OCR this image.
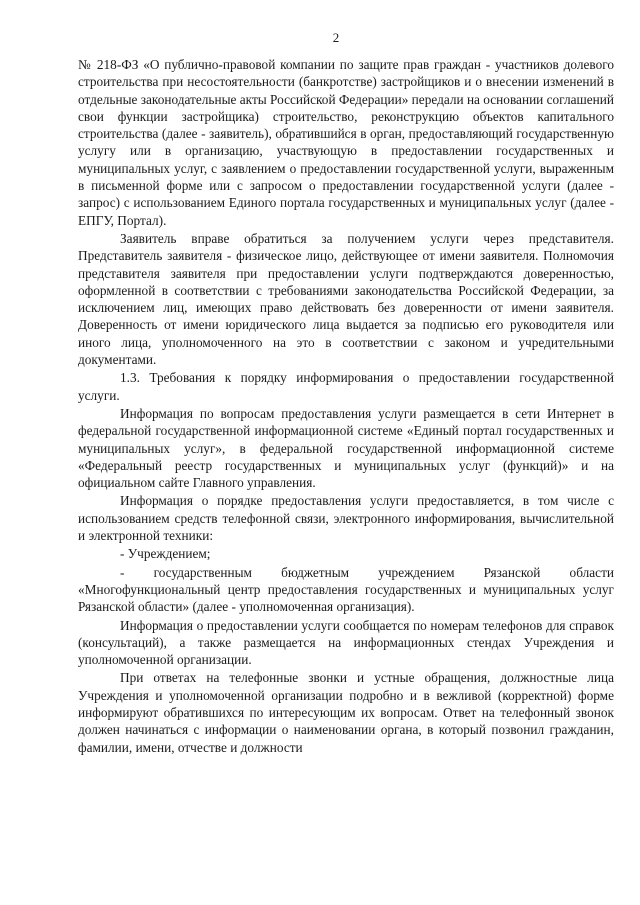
2

№ 218-ФЗ «О публично-правовой компании по защите прав граждан - участников долевого строительства при несостоятельности (банкротстве) застройщиков и о внесении изменений в отдельные законодательные акты Российской Федерации» передали на основании соглашений свои функции застройщика) строительство, реконструкцию объектов капитального строительства (далее - заявитель), обратившийся в орган, предоставляющий государственную услугу или в организацию, участвующую в предоставлении государственных и муниципальных услуг, с заявлением о предоставлении государственной услуги, выраженным в письменной форме или с запросом о предоставлении государственной услуги (далее - запрос) с использованием Единого портала государственных и муниципальных услуг (далее - ЕПГУ, Портал).

Заявитель вправе обратиться за получением услуги через представителя. Представитель заявителя - физическое лицо, действующее от имени заявителя. Полномочия представителя заявителя при предоставлении услуги подтверждаются доверенностью, оформленной в соответствии с требованиями законодательства Российской Федерации, за исключением лиц, имеющих право действовать без доверенности от имени заявителя. Доверенность от имени юридического лица выдается за подписью его руководителя или иного лица, уполномоченного на это в соответствии с законом и учредительными документами.

1.3. Требования к порядку информирования о предоставлении государственной услуги.

Информация по вопросам предоставления услуги размещается в сети Интернет в федеральной государственной информационной системе «Единый портал государственных и муниципальных услуг», в федеральной государственной информационной системе «Федеральный реестр государственных и муниципальных услуг (функций)» и на официальном сайте Главного управления.

Информация о порядке предоставления услуги предоставляется, в том числе с использованием средств телефонной связи, электронного информирования, вычислительной и электронной техники:

- Учреждением;

- государственным бюджетным учреждением Рязанской области «Многофункциональный центр предоставления государственных и муниципальных услуг Рязанской области» (далее - уполномоченная организация).

Информация о предоставлении услуги сообщается по номерам телефонов для справок (консультаций), а также размещается на информационных стендах Учреждения и уполномоченной организации.

При ответах на телефонные звонки и устные обращения, должностные лица Учреждения и уполномоченной организации подробно и в вежливой (корректной) форме информируют обратившихся по интересующим их вопросам. Ответ на телефонный звонок должен начинаться с информации о наименовании органа, в который позвонил гражданин, фамилии, имени, отчестве и должности
